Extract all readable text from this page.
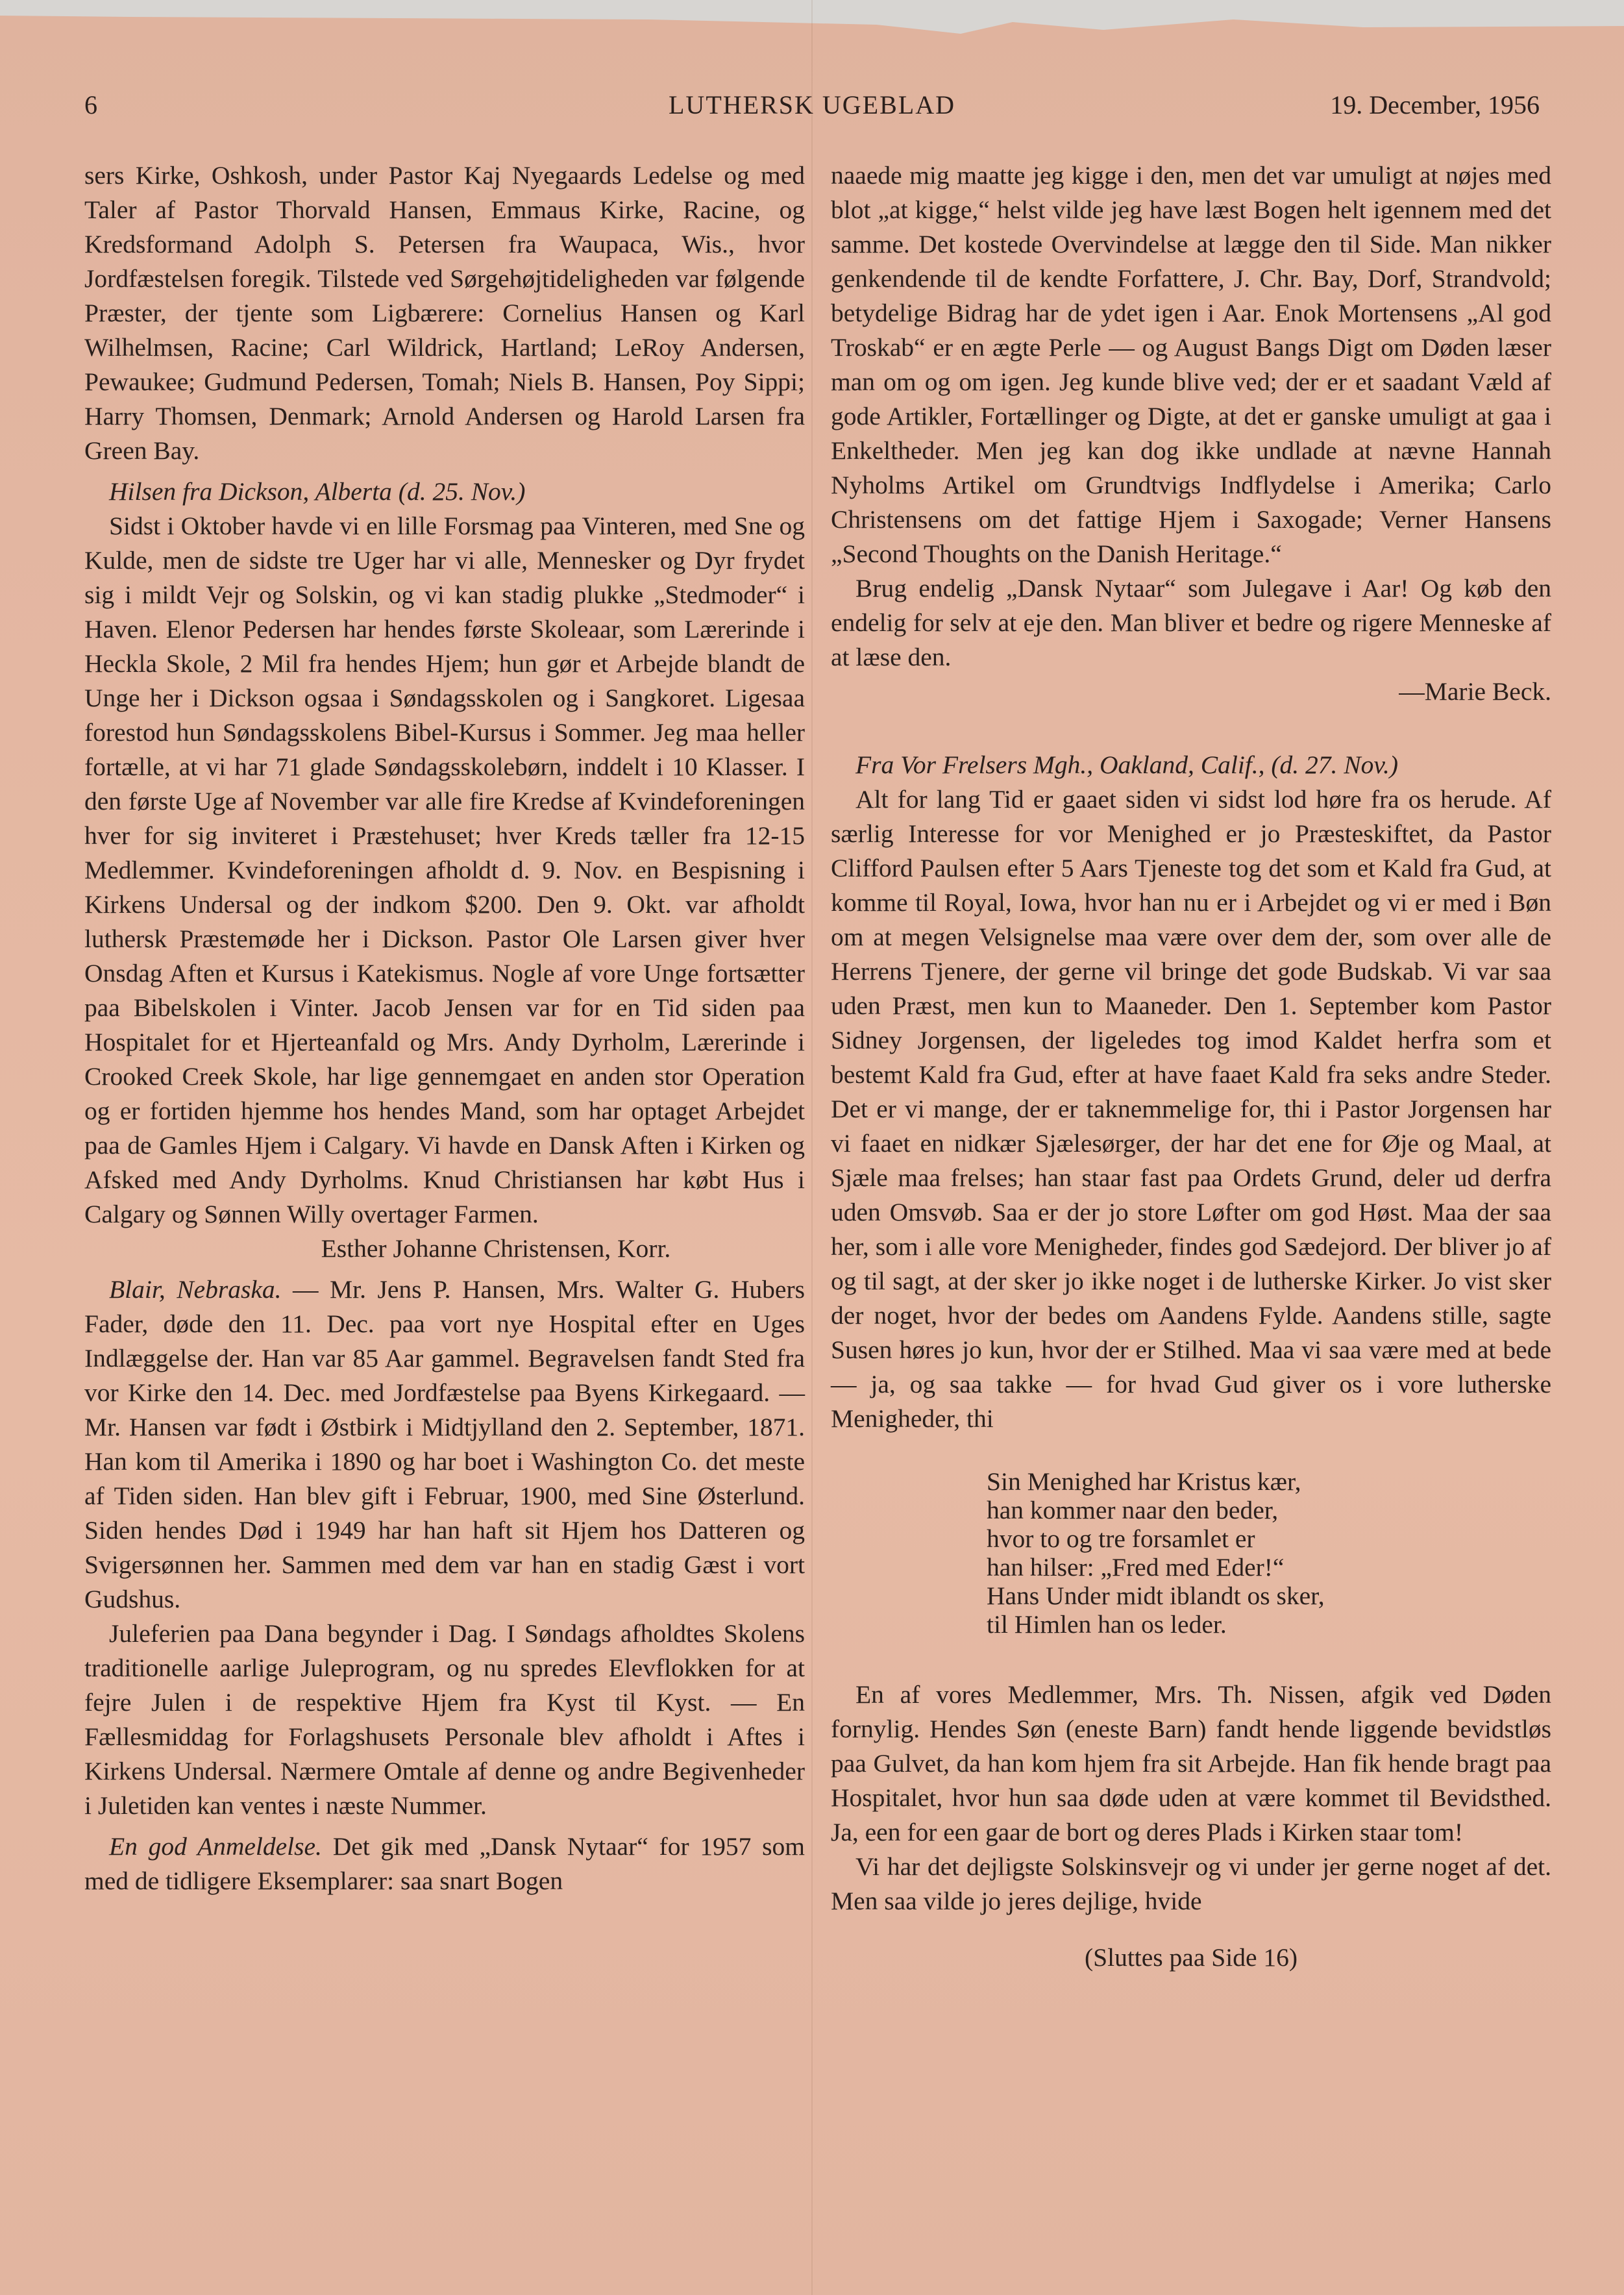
6	LUTHERSK UGEBLAD	19. December, 1956

sers Kirke, Oshkosh, under Pastor Kaj Nyegaards Ledelse og med Taler af Pastor Thorvald Hansen, Emmaus Kirke, Racine, og Kredsformand Adolph S. Petersen fra Waupaca, Wis., hvor Jordfæstelsen foregik. Tilstede ved Sørgehøjtideligheden var følgende Præster, der tjente som Ligbærere: Cornelius Hansen og Karl Wilhelmsen, Racine; Carl Wildrick, Hartland; LeRoy Andersen, Pewaukee; Gudmund Pedersen, Tomah; Niels B. Hansen, Poy Sippi; Harry Thomsen, Denmark; Arnold Andersen og Harold Larsen fra Green Bay.

Hilsen fra Dickson, Alberta (d. 25. Nov.)

Sidst i Oktober havde vi en lille Forsmag paa Vinteren, med Sne og Kulde, men de sidste tre Uger har vi alle, Mennesker og Dyr frydet sig i mildt Vejr og Solskin, og vi kan stadig plukke „Stedmoder“ i Haven. Elenor Pedersen har hendes første Skoleaar, som Lærerinde i Heckla Skole, 2 Mil fra hendes Hjem; hun gør et Arbejde blandt de Unge her i Dickson ogsaa i Søndagsskolen og i Sangkoret. Ligesaa forestod hun Søndagsskolens Bibel-Kursus i Sommer. Jeg maa heller fortælle, at vi har 71 glade Søndagsskolebørn, inddelt i 10 Klasser. I den første Uge af November var alle fire Kredse af Kvindeforeningen hver for sig inviteret i Præstehuset; hver Kreds tæller fra 12-15 Medlemmer. Kvindeforeningen afholdt d. 9. Nov. en Bespisning i Kirkens Undersal og der indkom $200. Den 9. Okt. var afholdt luthersk Præstemøde her i Dickson. Pastor Ole Larsen giver hver Onsdag Aften et Kursus i Katekismus. Nogle af vore Unge fortsætter paa Bibelskolen i Vinter. Jacob Jensen var for en Tid siden paa Hospitalet for et Hjerteanfald og Mrs. Andy Dyrholm, Lærerinde i Crooked Creek Skole, har lige gennemgaet en anden stor Operation og er fortiden hjemme hos hendes Mand, som har optaget Arbejdet paa de Gamles Hjem i Calgary. Vi havde en Dansk Aften i Kirken og Afsked med Andy Dyrholms. Knud Christiansen har købt Hus i Calgary og Sønnen Willy overtager Farmen.

Esther Johanne Christensen, Korr.

Blair, Nebraska. — Mr. Jens P. Hansen, Mrs. Walter G. Hubers Fader, døde den 11. Dec. paa vort nye Hospital efter en Uges Indlæggelse der. Han var 85 Aar gammel. Begravelsen fandt Sted fra vor Kirke den 14. Dec. med Jordfæstelse paa Byens Kirkegaard. — Mr. Hansen var født i Østbirk i Midtjylland den 2. September, 1871. Han kom til Amerika i 1890 og har boet i Washington Co. det meste af Tiden siden. Han blev gift i Februar, 1900, med Sine Østerlund. Siden hendes Død i 1949 har han haft sit Hjem hos Datteren og Svigersønnen her. Sammen med dem var han en stadig Gæst i vort Gudshus.

Juleferien paa Dana begynder i Dag. I Søndags afholdtes Skolens traditionelle aarlige Juleprogram, og nu spredes Elevflokken for at fejre Julen i de respektive Hjem fra Kyst til Kyst. — En Fællesmiddag for Forlagshusets Personale blev afholdt i Aftes i Kirkens Undersal. Nærmere Omtale af denne og andre Begivenheder i Juletiden kan ventes i næste Nummer.

En god Anmeldelse. Det gik med „Dansk Nytaar“ for 1957 som med de tidligere Eksemplarer: saa snart Bogen

naaede mig maatte jeg kigge i den, men det var umuligt at nøjes med blot „at kigge,“ helst vilde jeg have læst Bogen helt igennem med det samme. Det kostede Overvindelse at lægge den til Side. Man nikker genkendende til de kendte Forfattere, J. Chr. Bay, Dorf, Strandvold; betydelige Bidrag har de ydet igen i Aar. Enok Mortensens „Al god Troskab“ er en ægte Perle — og August Bangs Digt om Døden læser man om og om igen. Jeg kunde blive ved; der er et saadant Væld af gode Artikler, Fortællinger og Digte, at det er ganske umuligt at gaa i Enkeltheder. Men jeg kan dog ikke undlade at nævne Hannah Nyholms Artikel om Grundtvigs Indflydelse i Amerika; Carlo Christensens om det fattige Hjem i Saxogade; Verner Hansens „Second Thoughts on the Danish Heritage.“

Brug endelig „Dansk Nytaar“ som Julegave i Aar! Og køb den endelig for selv at eje den. Man bliver et bedre og rigere Menneske af at læse den.

—Marie Beck.

Fra Vor Frelsers Mgh., Oakland, Calif., (d. 27. Nov.)

Alt for lang Tid er gaaet siden vi sidst lod høre fra os herude. Af særlig Interesse for vor Menighed er jo Præsteskiftet, da Pastor Clifford Paulsen efter 5 Aars Tjeneste tog det som et Kald fra Gud, at komme til Royal, Iowa, hvor han nu er i Arbejdet og vi er med i Bøn om at megen Velsignelse maa være over dem der, som over alle de Herrens Tjenere, der gerne vil bringe det gode Budskab. Vi var saa uden Præst, men kun to Maaneder. Den 1. September kom Pastor Sidney Jorgensen, der ligeledes tog imod Kaldet herfra som et bestemt Kald fra Gud, efter at have faaet Kald fra seks andre Steder. Det er vi mange, der er taknemmelige for, thi i Pastor Jorgensen har vi faaet en nidkær Sjælesørger, der har det ene for Øje og Maal, at Sjæle maa frelses; han staar fast paa Ordets Grund, deler ud derfra uden Omsvøb. Saa er der jo store Løfter om god Høst. Maa der saa her, som i alle vore Menigheder, findes god Sædejord. Der bliver jo af og til sagt, at der sker jo ikke noget i de lutherske Kirker. Jo vist sker der noget, hvor der bedes om Aandens Fylde. Aandens stille, sagte Susen høres jo kun, hvor der er Stilhed. Maa vi saa være med at bede — ja, og saa takke — for hvad Gud giver os i vore lutherske Menigheder, thi

Sin Menighed har Kristus kær,
han kommer naar den beder,
hvor to og tre forsamlet er
han hilser: „Fred med Eder!“
Hans Under midt iblandt os sker,
til Himlen han os leder.

En af vores Medlemmer, Mrs. Th. Nissen, afgik ved Døden fornylig. Hendes Søn (eneste Barn) fandt hende liggende bevidstløs paa Gulvet, da han kom hjem fra sit Arbejde. Han fik hende bragt paa Hospitalet, hvor hun saa døde uden at være kommet til Bevidsthed. Ja, een for een gaar de bort og deres Plads i Kirken staar tom!

Vi har det dejligste Solskinsvejr og vi under jer gerne noget af det. Men saa vilde jo jeres dejlige, hvide

(Sluttes paa Side 16)
